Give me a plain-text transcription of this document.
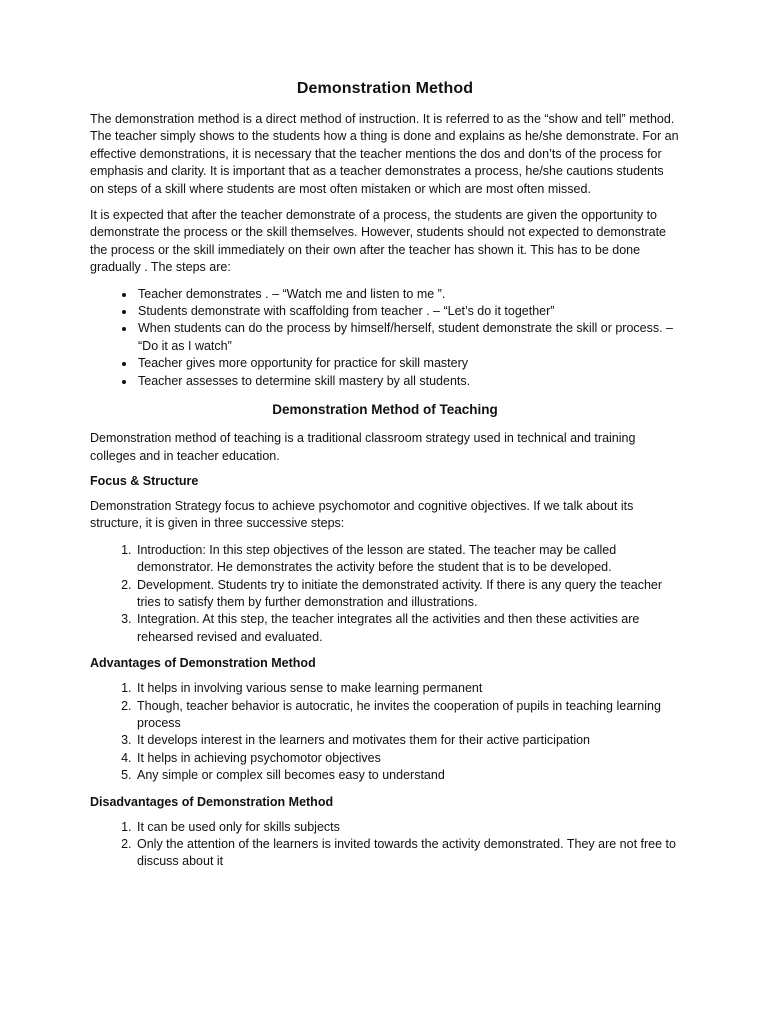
Demonstration Method

The demonstration method is a direct method of instruction. It is referred to as the “show and tell” method. The teacher simply shows to the students how a thing is done and explains as he/she demonstrate. For an effective demonstrations, it is necessary that the teacher mentions the dos and don’ts of the process for emphasis and clarity. It is important that as a teacher demonstrates a process, he/she cautions students on steps of a skill where students are most often mistaken or which are most often missed.

It is expected that after the teacher demonstrate of a process, the students are given the opportunity to demonstrate the process or the skill themselves. However, students should not expected to demonstrate the process or the skill immediately on their own after the teacher has shown it. This has to be done gradually . The steps are:

• Teacher demonstrates . – “Watch me and listen to me ”.
• Students demonstrate with scaffolding from teacher . – “Let’s do it together”
• When students can do the process by himself/herself, student demonstrate the skill or process. – “Do it as I watch”
• Teacher gives more opportunity for practice for skill mastery
• Teacher assesses to determine skill mastery by all students.
Demonstration Method of Teaching

Demonstration method of teaching is a traditional classroom strategy used in technical and training colleges and in teacher education.

Focus & Structure

Demonstration Strategy focus to achieve psychomotor and cognitive objectives. If we talk about its structure, it is given in three successive steps:

1. Introduction: In this step objectives of the lesson are stated. The teacher may be called demonstrator. He demonstrates the activity before the student that is to be developed.
2. Development. Students try to initiate the demonstrated activity. If there is any query the teacher tries to satisfy them by further demonstration and illustrations.
3. Integration. At this step, the teacher integrates all the activities and then these activities are rehearsed revised and evaluated.
Advantages of Demonstration Method
1. It helps in involving various sense to make learning permanent
2. Though, teacher behavior is autocratic, he invites the cooperation of pupils in teaching learning process
3. It develops interest in the learners and motivates them for their active participation
4. It helps in achieving psychomotor objectives
5. Any simple or complex sill becomes easy to understand
Disadvantages of Demonstration Method
1. It can be used only for skills subjects
2. Only the attention of the learners is invited towards the activity demonstrated. They are not free to discuss about it
